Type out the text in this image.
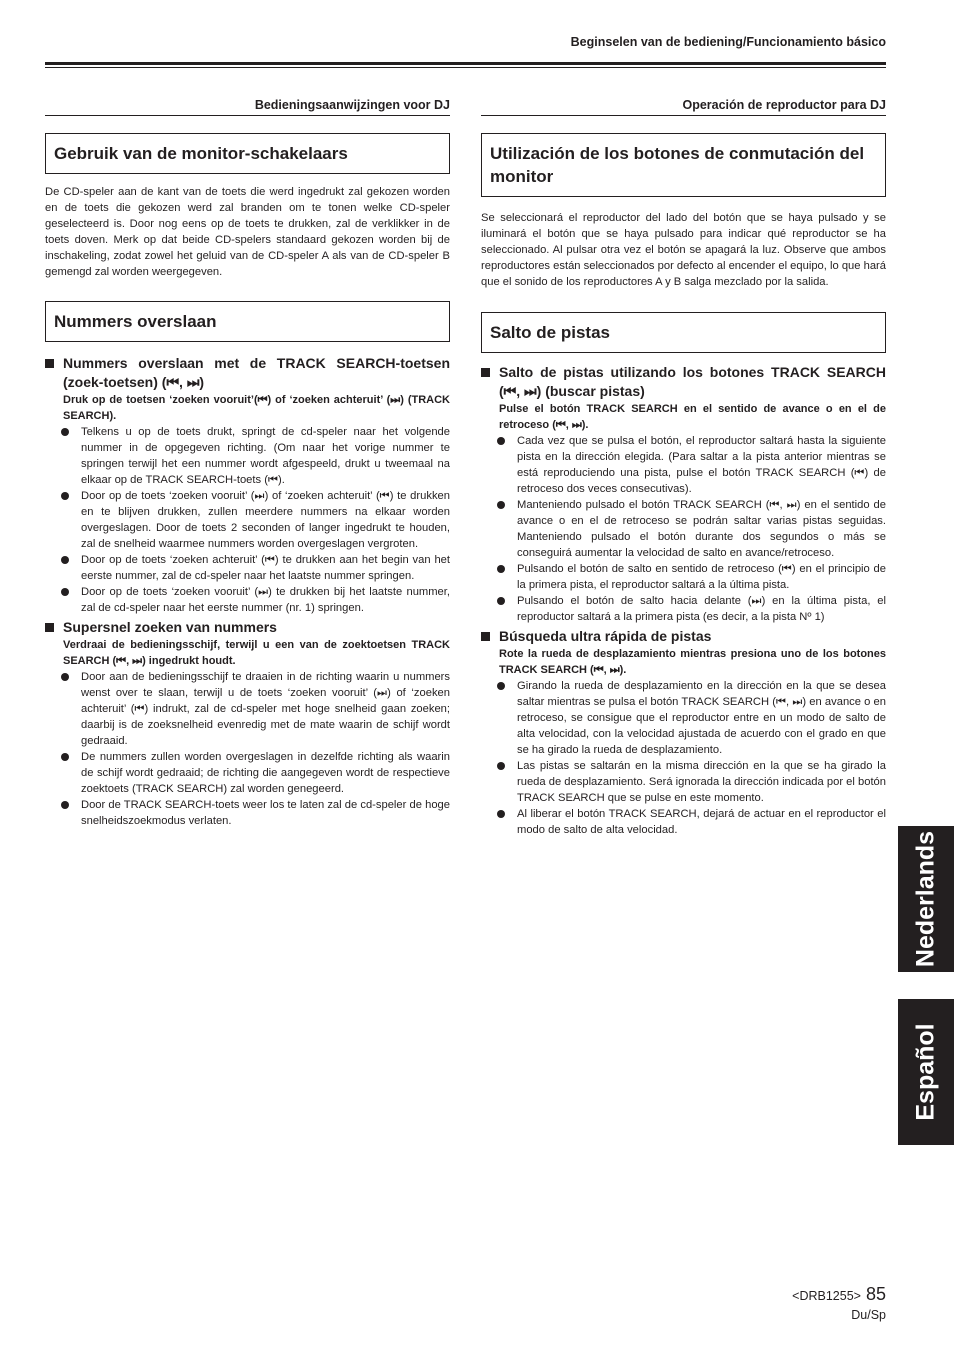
Beginselen van de bediening/Funcionamiento básico
Bedieningsaanwijzingen voor DJ
Gebruik van de monitor-schakelaars

De CD-speler aan de kant van de toets die werd ingedrukt zal gekozen worden en de toets die gekozen werd zal branden om te tonen welke CD-speler geselecteerd is. Door nog eens op de toets te drukken, zal de verklikker in de toets doven. Merk op dat beide CD-spelers standaard gekozen worden bij de inschakeling, zodat zowel het geluid van de CD-speler A als van de CD-speler B gemengd zal worden weergegeven.

Nummers overslaan
Nummers overslaan met de TRACK SEARCH-toetsen (zoek-toetsen) (⏮, ⏭)
Druk op de toetsen ‘zoeken vooruit’(⏮) of ‘zoeken achteruit’ (⏭) (TRACK SEARCH).
Telkens u op de toets drukt, springt de cd-speler naar het volgende nummer in de opgegeven richting. (Om naar het vorige nummer te springen terwijl het een nummer wordt afgespeeld, drukt u tweemaal na elkaar op de TRACK SEARCH-toets (⏮).
Door op de toets ‘zoeken vooruit’ (⏭) of ‘zoeken achteruit’ (⏮) te drukken en te blijven drukken, zullen meerdere nummers na elkaar worden overgeslagen. Door de toets 2 seconden of langer ingedrukt te houden, zal de snelheid waarmee nummers worden overgeslagen vergroten.
Door op de toets ‘zoeken achteruit’ (⏮) te drukken aan het begin van het eerste nummer, zal de cd-speler naar het laatste nummer springen.
Door op de toets ‘zoeken vooruit’ (⏭) te drukken bij het laatste nummer, zal de cd-speler naar het eerste nummer (nr. 1) springen.
Supersnel zoeken van nummers
Verdraai de bedieningsschijf, terwijl u een van de zoektoetsen TRACK SEARCH (⏮, ⏭) ingedrukt houdt.
Door aan de bedieningsschijf te draaien in de richting waarin u nummers wenst over te slaan, terwijl u de toets ‘zoeken vooruit’ (⏭) of ‘zoeken achteruit’ (⏮) indrukt, zal de cd-speler met hoge snelheid gaan zoeken; daarbij is de zoeksnelheid evenredig met de mate waarin de schijf wordt gedraaid.
De nummers zullen worden overgeslagen in dezelfde richting als waarin de schijf wordt gedraaid; de richting die aangegeven wordt de respectieve zoektoets (TRACK SEARCH) zal worden genegeerd.
Door de TRACK SEARCH-toets weer los te laten zal de cd-speler de hoge snelheidszoekmodus verlaten.
Operación de reproductor para DJ
Utilización de los botones de conmutación del monitor

Se seleccionará el reproductor del lado del botón que se haya pulsado y se iluminará el botón que se haya pulsado para indicar qué reproductor se ha seleccionado. Al pulsar otra vez el botón se apagará la luz. Observe que ambos reproductores están seleccionados por defecto al encender el equipo, lo que hará que el sonido de los reproductores A y B salga mezclado por la salida.

Salto de pistas
Salto de pistas utilizando los botones TRACK SEARCH (⏮, ⏭) (buscar pistas)
Pulse el botón TRACK SEARCH en el sentido de avance o en el de retroceso (⏮, ⏭).
Cada vez que se pulsa el botón, el reproductor saltará hasta la siguiente pista en la dirección elegida. (Para saltar a la pista anterior mientras se está reproduciendo una pista, pulse el botón TRACK SEARCH (⏮) de retroceso dos veces consecutivas).
Manteniendo pulsado el botón TRACK SEARCH (⏮, ⏭) en el sentido de avance o en el de retroceso se podrán saltar varias pistas seguidas. Manteniendo pulsado el botón durante dos segundos o más se conseguirá aumentar la velocidad de salto en avance/retroceso.
Pulsando el botón de salto en sentido de retroceso (⏮) en el principio de la primera pista, el reproductor saltará a la última pista.
Pulsando el botón de salto hacia delante (⏭) en la última pista, el reproductor saltará a la primera pista (es decir, a la pista Nº 1)
Búsqueda ultra rápida de pistas
Rote la rueda de desplazamiento mientras presiona uno de los botones TRACK SEARCH (⏮, ⏭).
Girando la rueda de desplazamiento en la dirección en la que se desea saltar mientras se pulsa el botón TRACK SEARCH (⏮, ⏭) en avance o en retroceso, se consigue que el reproductor entre en un modo de salto de alta velocidad, con la velocidad ajustada de acuerdo con el grado en que se ha girado la rueda de desplazamiento.
Las pistas se saltarán en la misma dirección en la que se ha girado la rueda de desplazamiento. Será ignorada la dirección indicada por el botón TRACK SEARCH que se pulse en este momento.
Al liberar el botón TRACK SEARCH, dejará de actuar en el reproductor el modo de salto de alta velocidad.
Nederlands
Español
<DRB1255> 85
Du/Sp
